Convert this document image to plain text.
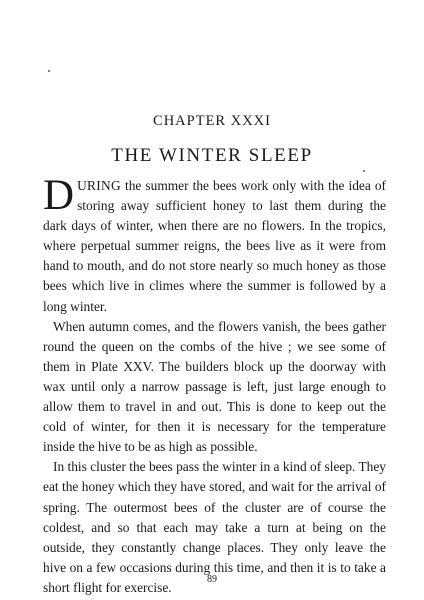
CHAPTER XXXI
THE WINTER SLEEP

DURING the summer the bees work only with the idea of storing away sufficient honey to last them during the dark days of winter, when there are no flowers. In the tropics, where perpetual summer reigns, the bees live as it were from hand to mouth, and do not store nearly so much honey as those bees which live in climes where the summer is followed by a long winter.

When autumn comes, and the flowers vanish, the bees gather round the queen on the combs of the hive ; we see some of them in Plate XXV. The builders block up the doorway with wax until only a narrow passage is left, just large enough to allow them to travel in and out. This is done to keep out the cold of winter, for then it is necessary for the temperature inside the hive to be as high as possible.

In this cluster the bees pass the winter in a kind of sleep. They eat the honey which they have stored, and wait for the arrival of spring. The outermost bees of the cluster are of course the coldest, and so that each may take a turn at being on the outside, they constantly change places. They only leave the hive on a few occasions during this time, and then it is to take a short flight for exercise.

89
